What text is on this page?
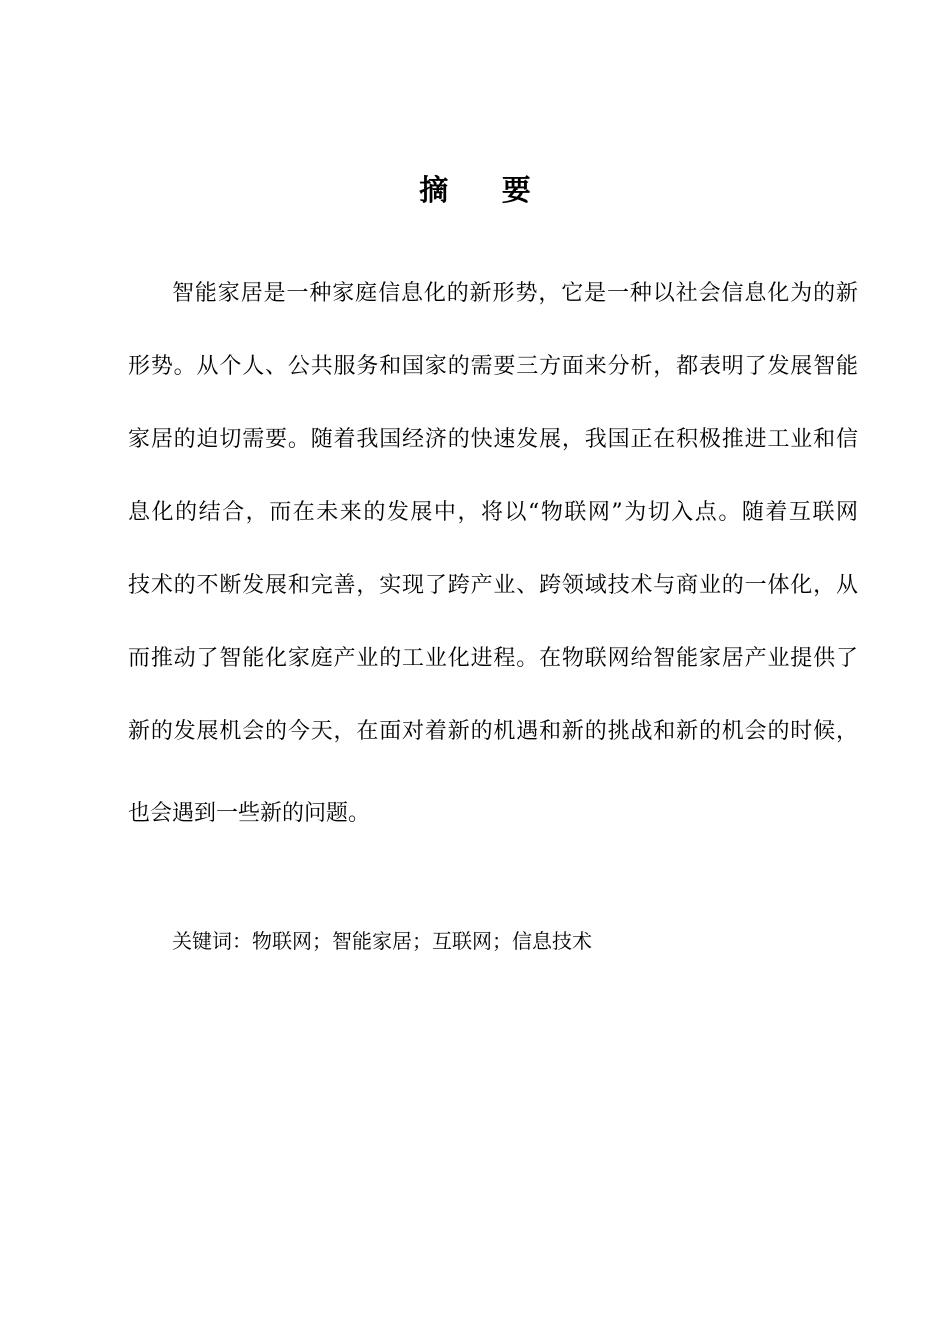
摘 要
智能家居是一种家庭信息化的新形势，它是一种以社会信息化为的新
形势。从个人、公共服务和国家的需要三方面来分析，都表明了发展智能
家居的迫切需要。随着我国经济的快速发展，我国正在积极推进工业和信
息化的结合，而在未来的发展中，将以“物联网”为切入点。随着互联网
技术的不断发展和完善，实现了跨产业、跨领域技术与商业的一体化，从
而推动了智能化家庭产业的工业化进程。在物联网给智能家居产业提供了
新的发展机会的今天，在面对着新的机遇和新的挑战和新的机会的时候，
也会遇到一些新的问题。
关键词：物联网；智能家居；互联网；信息技术
